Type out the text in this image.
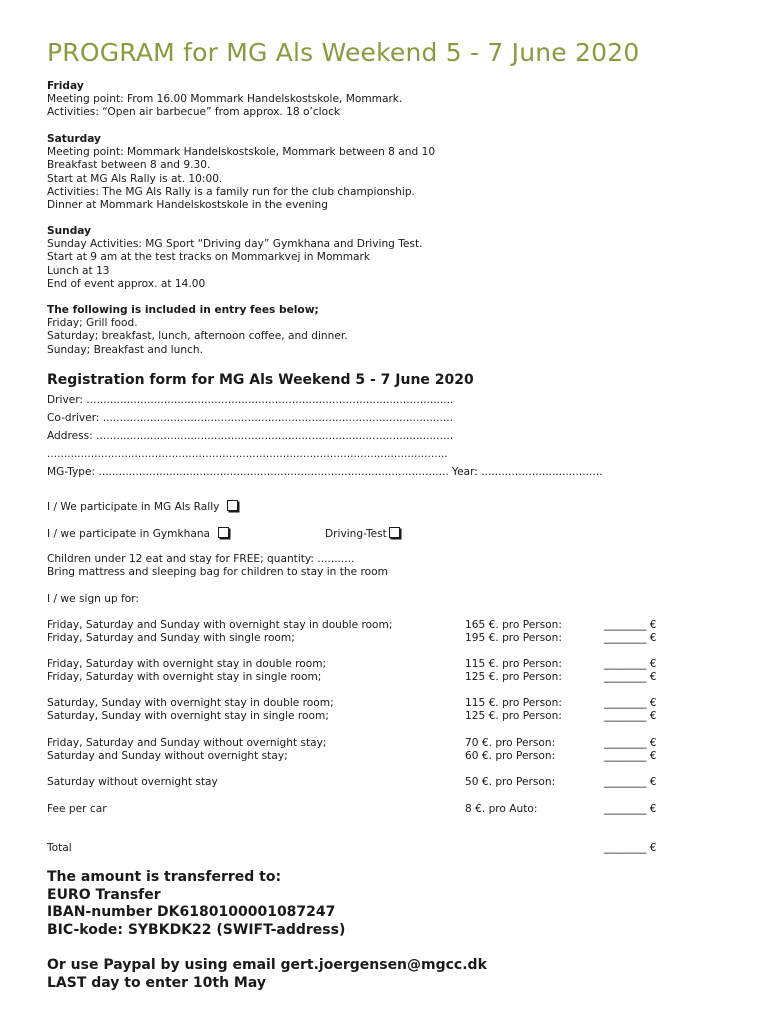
PROGRAM for MG Als Weekend 5 - 7 June 2020
Friday
Meeting point: From 16.00 Mommark Handelskostskole, Mommark.
Activities: “Open air barbecue” from approx. 18 o’clock
Saturday
Meeting point: Mommark Handelskostskole, Mommark between 8 and 10
Breakfast between 8 and 9.30.
Start at MG Als Rally is at. 10:00.
Activities: The MG Als Rally is a family run for the club championship.
Dinner at Mommark Handelskostskole in the evening
Sunday
Sunday Activities: MG Sport “Driving day” Gymkhana and Driving Test.
Start at 9 am at the test tracks on Mommarkvej in Mommark
Lunch at 13
End of event approx. at 14.00
The following is included in entry fees below;
Friday; Grill food.
Saturday; breakfast, lunch, afternoon coffee, and dinner.
Sunday; Breakfast and lunch.
Registration form for MG Als Weekend 5 - 7 June 2020
Driver: .............................................................................................................
Co-driver: ........................................................................................................
Address: ..........................................................................................................
.......................................................................................................................
MG-Type: ........................................................................................................ Year: ....................................
I / We participate in MG Als Rally
I / we participate in Gymkhana	Driving-Test
Children under 12 eat and stay for FREE; quantity: ...........
Bring mattress and sleeping bag for children to stay in the room
I / we sign up for:
Friday, Saturday and Sunday with overnight stay in double room;	165 €. pro Person:	________ €
Friday, Saturday and Sunday with single room;	195 €. pro Person:	________ €
Friday, Saturday with overnight stay in double room;	115 €. pro Person:	________ €
Friday, Saturday with overnight stay in single room;	125 €. pro Person:	________ €
Saturday, Sunday with overnight stay in double room;	115 €. pro Person:	________ €
Saturday, Sunday with overnight stay in single room;	125 €. pro Person:	________ €
Friday, Saturday and Sunday without overnight stay;	70 €. pro Person:	________ €
Saturday and Sunday without overnight stay;	60 €. pro Person:	________ €
Saturday without overnight stay	50 €. pro Person:	________ €
Fee per car	8 €. pro Auto:	________ €
Total	________ €
The amount is transferred to:
EURO Transfer
IBAN-number DK6180100001087247
BIC-kode: SYBKDK22 (SWIFT-address)
Or use Paypal by using email gert.joergensen@mgcc.dk
LAST day to enter 10th May
